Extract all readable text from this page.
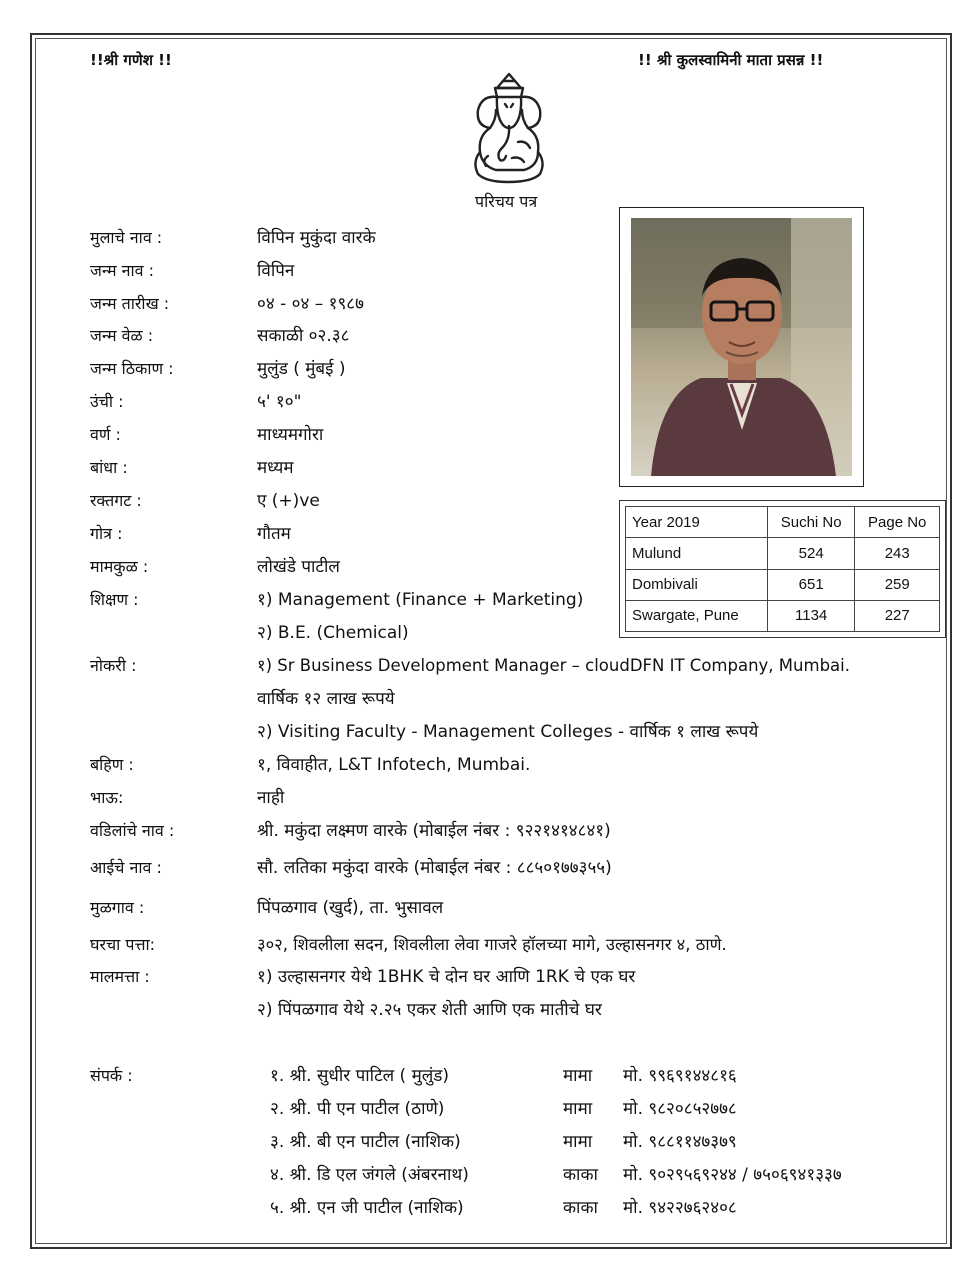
!!श्री गणेश !!	!! श्री कुलस्वामिनी माता प्रसन्न !!
परिचय पत्र
मुलाचे नाव :	विपिन मुकुंदा वारके
जन्म नाव :	विपिन
जन्म तारीख :	०४ - ०४ – १९८७
जन्म वेळ :	सकाळी ०२.३८
जन्म ठिकाण :	मुलुंड ( मुंबई )
उंची :	५' १०"
वर्ण :	माध्यमगोरा
बांधा :	मध्यम
रक्तगट :	ए (+)ve
गोत्र :	गौतम
मामकुळ :	लोखंडे पाटील
शिक्षण :	१) Management (Finance + Marketing)
२) B.E. (Chemical)
नोकरी :	१) Sr Business Development Manager – cloudDFN IT Company, Mumbai.
वार्षिक १२ लाख रूपये
२) Visiting Faculty - Management Colleges - वार्षिक १ लाख रूपये
बहिण :	१, विवाहीत, L&T Infotech, Mumbai.
भाऊ:	नाही
वडिलांचे नाव :	श्री. मकुंदा लक्ष्मण वारके (मोबाईल नंबर : ९२२१४१४८४१)
आईचे नाव :	सौ. लतिका मकुंदा वारके (मोबाईल नंबर : ८८५०१७७३५५)
मुळगाव :	पिंपळगाव (खुर्द), ता. भुसावल
घरचा पत्ता:	३०२, शिवलीला सदन, शिवलीला लेवा गाजरे हॉलच्या मागे, उल्हासनगर ४, ठाणे.
मालमत्ता :	१) उल्हासनगर येथे 1BHK चे दोन घर आणि 1RK चे एक घर
२) पिंपळगाव येथे २.२५ एकर शेती आणि एक मातीचे घर
Year 2019	Suchi No	Page No
Mulund	524	243
Dombivali	651	259
Swargate, Pune	1134	227
संपर्क :	१. श्री. सुधीर पाटिल ( मुलुंड)	मामा मो. ९९६९१४४८१६
२. श्री. पी एन पाटील (ठाणे)	मामा मो. ९८२०८५२७७८
३. श्री. बी एन पाटील (नाशिक)	मामा मो. ९८८११४७३७९
४. श्री. डि एल जंगले (अंबरनाथ)	काका मो. ९०२९५६९२४४ / ७५०६९४१३३७
५. श्री. एन जी पाटील (नाशिक)	काका मो. ९४२२७६२४०८
